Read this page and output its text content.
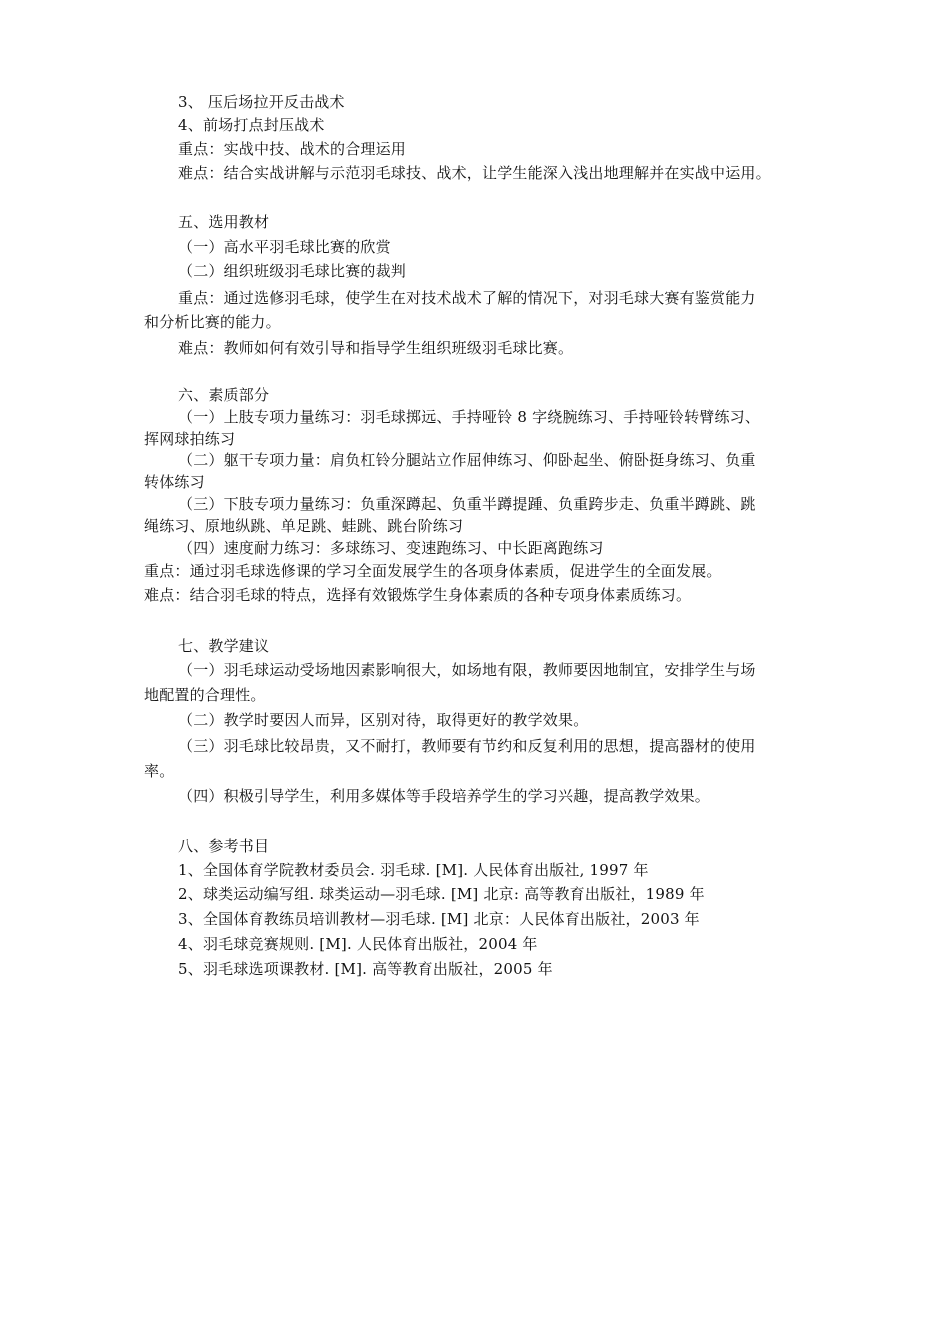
3、 压后场拉开反击战术
4、前场打点封压战术
重点：实战中技、战术的合理运用
难点：结合实战讲解与示范羽毛球技、战术，让学生能深入浅出地理解并在实战中运用。
五、选用教材
（一）高水平羽毛球比赛的欣赏
（二）组织班级羽毛球比赛的裁判
重点：通过选修羽毛球，使学生在对技术战术了解的情况下，对羽毛球大赛有鉴赏能力
和分析比赛的能力。
难点：教师如何有效引导和指导学生组织班级羽毛球比赛。
六、素质部分
（一）上肢专项力量练习：羽毛球掷远、手持哑铃 8 字绕腕练习、手持哑铃转臂练习、
挥网球拍练习
（二）躯干专项力量：肩负杠铃分腿站立作屈伸练习、仰卧起坐、俯卧挺身练习、负重
转体练习
（三）下肢专项力量练习：负重深蹲起、负重半蹲提踵、负重跨步走、负重半蹲跳、跳
绳练习、原地纵跳、单足跳、蛙跳、跳台阶练习
（四）速度耐力练习：多球练习、变速跑练习、中长距离跑练习
重点：通过羽毛球选修课的学习全面发展学生的各项身体素质，促进学生的全面发展。
难点：结合羽毛球的特点，选择有效锻炼学生身体素质的各种专项身体素质练习。
七、教学建议
（一）羽毛球运动受场地因素影响很大，如场地有限，教师要因地制宜，安排学生与场
地配置的合理性。
（二）教学时要因人而异，区别对待，取得更好的教学效果。
（三）羽毛球比较昂贵，又不耐打，教师要有节约和反复利用的思想，提高器材的使用
率。
（四）积极引导学生，利用多媒体等手段培养学生的学习兴趣，提高教学效果。
八、参考书目
1、全国体育学院教材委员会. 羽毛球. [M]. 人民体育出版社, 1997 年
2、球类运动编写组. 球类运动—羽毛球. [M] 北京: 高等教育出版社，1989 年
3、全国体育教练员培训教材—羽毛球. [M] 北京：人民体育出版社，2003 年
4、羽毛球竞赛规则. [M]. 人民体育出版社，2004 年
5、羽毛球选项课教材. [M]. 高等教育出版社，2005 年
